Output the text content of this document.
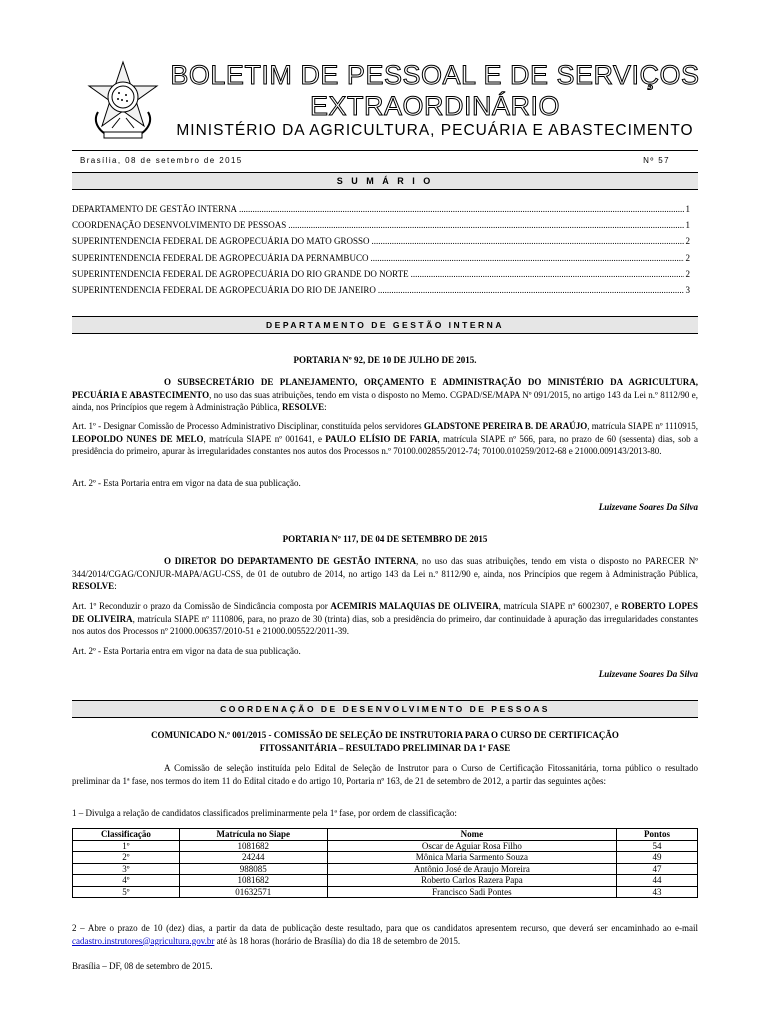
BOLETIM DE PESSOAL E DE SERVIÇOS
EXTRAORDINÁRIO
MINISTÉRIO DA AGRICULTURA, PECUÁRIA E ABASTECIMENTO
Brasília, 08 de setembro de 2015	Nº 57
S U M Á R I O
DEPARTAMENTO DE GESTÃO INTERNA .....	1
COORDENAÇÃO DESENVOLVIMENTO DE PESSOAS .....	1
SUPERINTENDENCIA FEDERAL DE AGROPECUÁRIA DO MATO GROSSO .....	2
SUPERINTENDENCIA FEDERAL DE AGROPECUÁRIA DA PERNAMBUCO .....	2
SUPERINTENDENCIA FEDERAL DE AGROPECUÁRIA DO RIO GRANDE DO NORTE .....	2
SUPERINTENDENCIA FEDERAL DE AGROPECUÁRIA DO RIO DE JANEIRO .....	3
DEPARTAMENTO DE GESTÃO INTERNA
PORTARIA Nº 92, DE 10 DE JULHO DE 2015.
O SUBSECRETÁRIO DE PLANEJAMENTO, ORÇAMENTO E ADMINISTRAÇÃO DO MINISTÉRIO DA AGRICULTURA, PECUÁRIA E ABASTECIMENTO, no uso das suas atribuições, tendo em vista o disposto no Memo. CGPAD/SE/MAPA Nº 091/2015, no artigo 143 da Lei n.º 8112/90 e, ainda, nos Princípios que regem à Administração Pública, RESOLVE:
Art. 1º - Designar Comissão de Processo Administrativo Disciplinar, constituída pelos servidores GLADSTONE PEREIRA B. DE ARAÚJO, matrícula SIAPE nº 1110915, LEOPOLDO NUNES DE MELO, matrícula SIAPE nº 001641, e PAULO ELÍSIO DE FARIA, matrícula SIAPE nº 566, para, no prazo de 60 (sessenta) dias, sob a presidência do primeiro, apurar às irregularidades constantes nos autos dos Processos n.º 70100.002855/2012-74; 70100.010259/2012-68 e 21000.009143/2013-80.
Art. 2º - Esta Portaria entra em vigor na data de sua publicação.
Luizevane Soares Da Silva
PORTARIA Nº 117, DE 04 DE SETEMBRO DE 2015
O DIRETOR DO DEPARTAMENTO DE GESTÃO INTERNA, no uso das suas atribuições, tendo em vista o disposto no PARECER Nº 344/2014/CGAG/CONJUR-MAPA/AGU-CSS, de 01 de outubro de 2014, no artigo 143 da Lei n.º 8112/90 e, ainda, nos Princípios que regem à Administração Pública, RESOLVE:
Art. 1º Reconduzir o prazo da Comissão de Sindicância composta por ACEMIRIS MALAQUIAS DE OLIVEIRA, matrícula SIAPE nº 6002307, e ROBERTO LOPES DE OLIVEIRA, matrícula SIAPE nº 1110806, para, no prazo de 30 (trinta) dias, sob a presidência do primeiro, dar continuidade à apuração das irregularidades constantes nos autos dos Processos nº 21000.006357/2010-51 e 21000.005522/2011-39.
Art. 2º - Esta Portaria entra em vigor na data de sua publicação.
Luizevane Soares Da Silva
COORDENAÇÃO DE DESENVOLVIMENTO DE PESSOAS
COMUNICADO N.º 001/2015 - COMISSÃO DE SELEÇÃO DE INSTRUTORIA PARA O CURSO DE CERTIFICAÇÃO
FITOSSANITÁRIA – RESULTADO PRELIMINAR DA 1ª FASE
A Comissão de seleção instituída pelo Edital de Seleção de Instrutor para o Curso de Certificação Fitossanitária, torna público o resultado preliminar da 1ª fase, nos termos do item 11 do Edital citado e do artigo 10, Portaria nº 163, de 21 de setembro de 2012, a partir das seguintes ações:
1 – Divulga a relação de candidatos classificados preliminarmente pela 1ª fase, por ordem de classificação:
Classificação	Matrícula no Siape	Nome	Pontos
1º	1081682	Oscar de Aguiar Rosa Filho	54
2º	24244	Mônica Maria Sarmento Souza	49
3º	988085	Antônio José de Araujo Moreira	47
4º	1081682	Roberto Carlos Razera Papa	44
5º	01632571	Francisco Sadi Pontes	43
2 – Abre o prazo de 10 (dez) dias, a partir da data de publicação deste resultado, para que os candidatos apresentem recurso, que deverá ser encaminhado ao e-mail cadastro.instrutores@agricultura.gov.br até às 18 horas (horário de Brasília) do dia 18 de setembro de 2015.
Brasília – DF, 08 de setembro de 2015.
